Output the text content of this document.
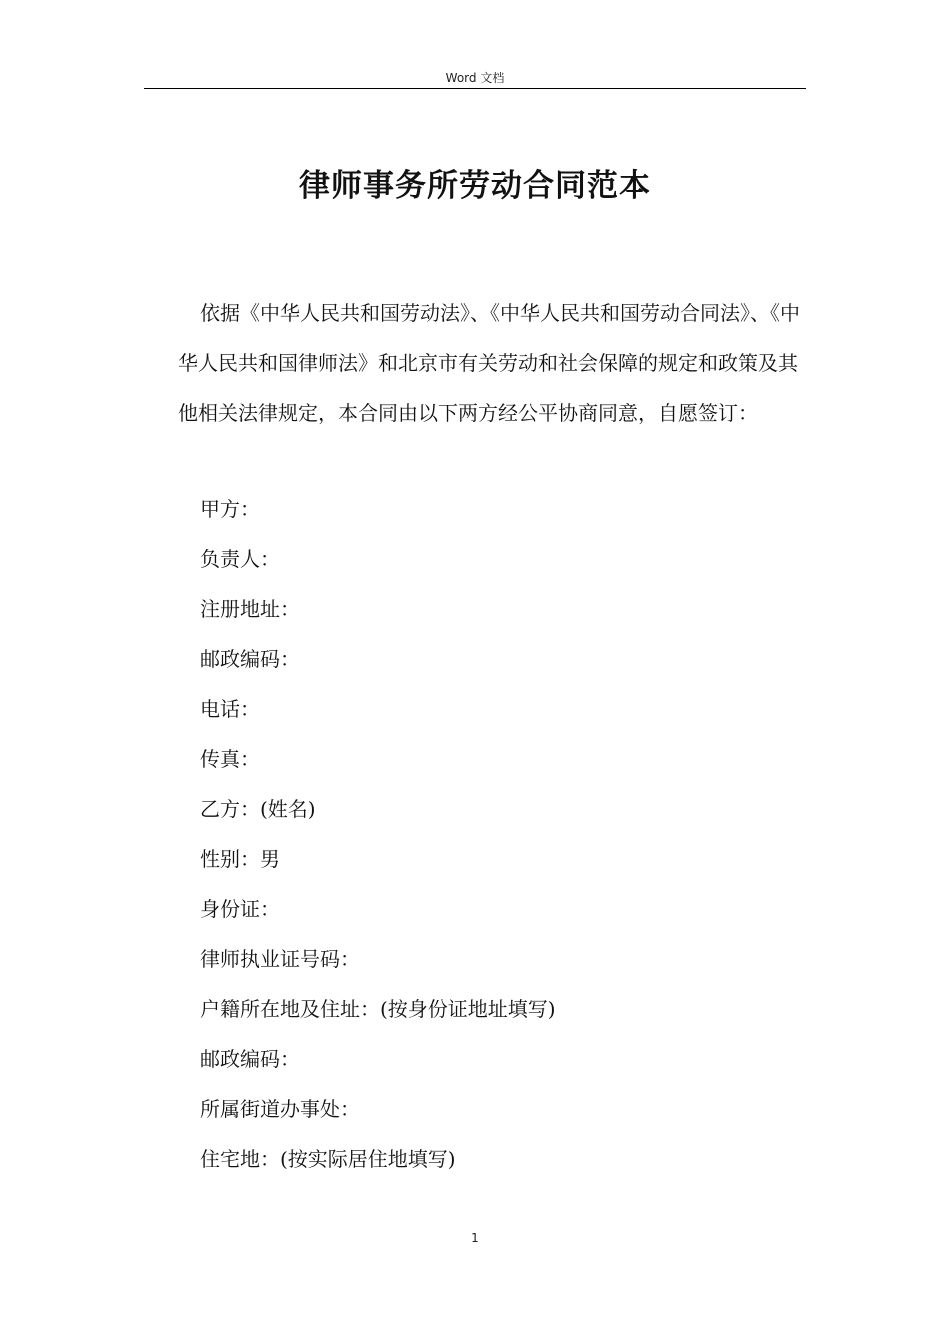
Word 文档
律师事务所劳动合同范本

依据《中华人民共和国劳动法》、《中华人民共和国劳动合同法》、《中华人民共和国律师法》和北京市有关劳动和社会保障的规定和政策及其他相关法律规定，本合同由以下两方经公平协商同意，自愿签订：

甲方：
负责人：
注册地址：
邮政编码：
电话：
传真：
乙方：(姓名)
性别：男
身份证：
律师执业证号码：
户籍所在地及住址：(按身份证地址填写)
邮政编码：
所属街道办事处：
住宅地：(按实际居住地填写)
1
